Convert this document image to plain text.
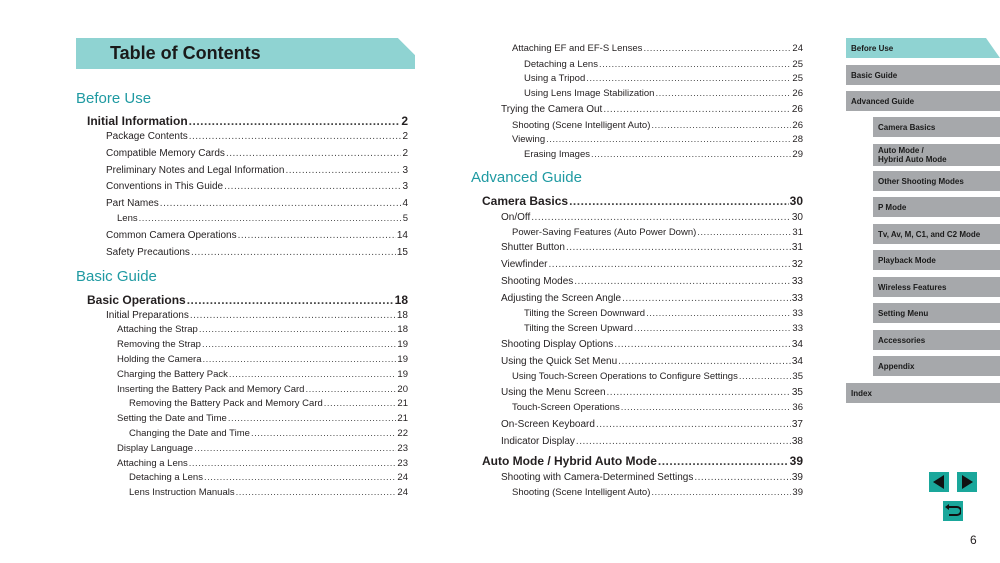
Table of Contents
Before Use
Initial Information .....	2
Package Contents .....	2
Compatible Memory Cards .....	2
Preliminary Notes and Legal Information .....	3
Conventions in This Guide .....	3
Part Names .....	4
Lens .....	5
Common Camera Operations .....	14
Safety Precautions .....	15
Basic Guide
Basic Operations .....	18
Initial Preparations .....	18
Attaching the Strap .....	18
Removing the Strap .....	19
Holding the Camera .....	19
Charging the Battery Pack .....	19
Inserting the Battery Pack and Memory Card .....	20
Removing the Battery Pack and Memory Card .....	21
Setting the Date and Time .....	21
Changing the Date and Time .....	22
Display Language .....	23
Attaching a Lens .....	23
Detaching a Lens .....	24
Lens Instruction Manuals .....	24
Attaching EF and EF-S Lenses .....	24
Detaching a Lens .....	25
Using a Tripod .....	25
Using Lens Image Stabilization .....	26
Trying the Camera Out .....	26
Shooting (Scene Intelligent Auto) .....	26
Viewing .....	28
Erasing Images .....	29
Advanced Guide
Camera Basics .....	30
On/Off .....	30
Power-Saving Features (Auto Power Down) .....	31
Shutter Button .....	31
Viewfinder .....	32
Shooting Modes .....	33
Adjusting the Screen Angle .....	33
Tilting the Screen Downward .....	33
Tilting the Screen Upward .....	33
Shooting Display Options .....	34
Using the Quick Set Menu .....	34
Using Touch-Screen Operations to Configure Settings .....	35
Using the Menu Screen .....	35
Touch-Screen Operations .....	36
On-Screen Keyboard .....	37
Indicator Display .....	38
Auto Mode / Hybrid Auto Mode .....	39
Shooting with Camera-Determined Settings .....	39
Shooting (Scene Intelligent Auto) .....	39
Before Use
Basic Guide
Advanced Guide
Camera Basics
Auto Mode /
Hybrid Auto Mode
Other Shooting Modes
P Mode
Tv, Av, M, C1, and C2 Mode
Playback Mode
Wireless Features
Setting Menu
Accessories
Appendix
Index
6
